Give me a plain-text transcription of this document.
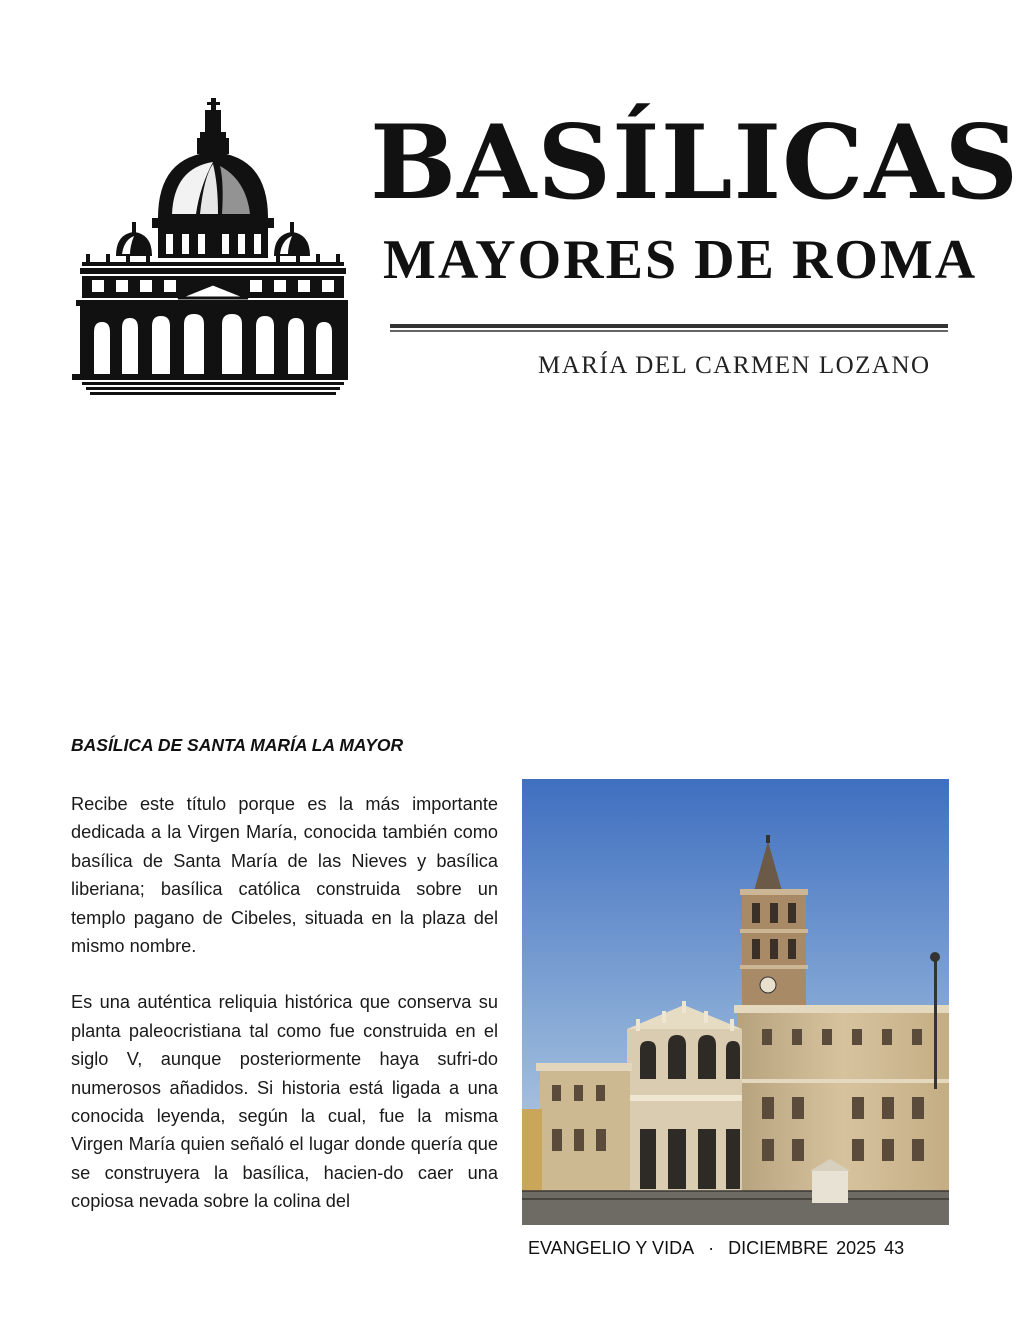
BASÍLICAS
MAYORES DE ROMA

MARÍA DEL CARMEN LOZANO

BASÍLICA DE SANTA MARÍA LA MAYOR

Recibe este título porque es la más importante dedicada a la Virgen María, conocida también como basílica de Santa María de las Nieves y basílica liberiana; basílica católica construida sobre un templo pagano de Cibeles, situada en la plaza del mismo nombre.

Es una auténtica reliquia histórica que conserva su planta paleocristiana tal como fue construida en el siglo V, aunque posteriormente haya sufri-do numerosos añadidos. Si historia está ligada a una conocida leyenda, según la cual, fue la misma Virgen María quien señaló el lugar donde quería que se construyera la basílica, hacien-do caer una copiosa nevada sobre la colina del

EVANGELIO Y VIDA · DICIEMBRE 2025 43
